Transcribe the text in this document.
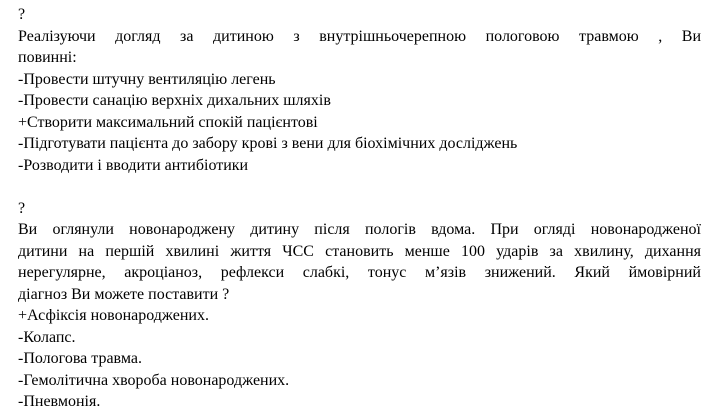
?

Реалізуючи догляд за дитиною з внутрішньочерепною пологовою травмою , Ви

повинні:

-Провести штучну вентиляцію легень

-Провести санацію верхніх дихальних шляхів

+Створити максимальний спокій пацієнтові

-Підготувати пацієнта до забору крові з вени для біохімічних досліджень

-Розводити і вводити антибіотики

?

Ви оглянули новонароджену дитину після пологів вдома. При огляді новонародженої

дитини на першій хвилині життя ЧСС становить менше 100 ударів за хвилину, дихання

нерегулярне, акроціаноз, рефлекси слабкі, тонус м’язів знижений. Який ймовірний

діагноз Ви можете поставити ?

+Асфіксія новонароджених.

-Колапс.

-Пологова травма.

-Гемолітична хвороба новонароджених.

-Пневмонія.
